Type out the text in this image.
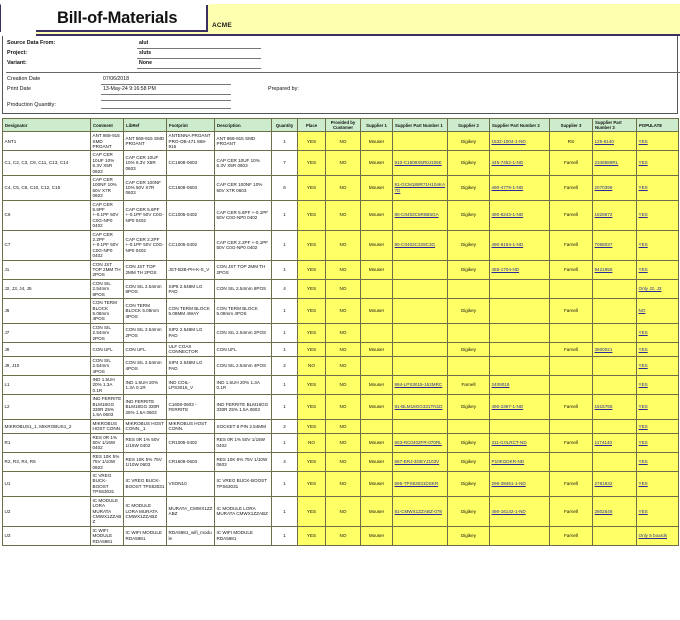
ACME
Bill-of-Materials
Source Data From:	alut
Project:	sluts
Variant:	None
Creation Date	07/06/2018
Print Date	13-May-24 9:16:58 PM	Prepared by:
Production Quantity:
Designator	Comment	LibRef	Footprint	Description	Quantity	Place	Provided by Customer	Supplier 1	Supplier Part Number 1	Supplier 2	Supplier Part Number 2	Supplier 3	Supplier Part Number 3	POPULATE
ANT1	ANT 868-915 SMD PROANT	ANT 868-915 SMD PROANT	ANTENNA PROANT PRO-OB-471 868-915	ANT 868-915 SMD PROANT	1	YES	NO	Mouser		Digikey	1532-1004-1-ND	RS	125-6140	YES
C1, C2, C3, C9, C11, C13, C14	CAP CER 10UF 10% 6.3V X5R 0603	CAP CER 10UF 10% 6.3V X5R 0603	CC1608-0603	CAP CER 10UF 10% 6.3V X5R 0603	7	YES	NO	Mouser	810-C1608X5R0J106K	Digikey	445-7452-1-ND	Farnell	2346889RL	YES
C4, C5, C8, C10, C12, C15	CAP CER 100NF 10% 50V X7R 0603	CAP CER 100NF 10% 50V X7R 0603	CC1608-0603	CAP CER 100NF 10% 50V X7R 0603	6	YES	NO	Mouser	81-GCM188R71H104KA7D	Digikey	490-4779-1-ND	Farnell	2070398	YES
C6	CAP CER 5.6PF +-0.1PF 50V C0G-NP0 0402	CAP CER 5.6PF +-0.1PF 50V C0G-NP0 0402	CC1005-0402	CAP CER 5.6PF +-0.1PF 50V C0G-NP0 0402	1	YES	NO	Mouser	80-C0402C5R6B5GA	Digikey	490-6243-1-ND	Farnell	1828872	YES
C7	CAP CER 2.2PF +-0.1PF 50V C0G-NP0 0402	CAP CER 2.2PF +-0.1PF 50V C0G-NP0 0402	CC1005-0402	CAP CER 2.2PF +-0.1PF 50V C0G-NP0 0402	1	YES	NO	Mouser	80-C0402C229C3G	Digikey	490-6194-1-ND	Farnell	7068037	YES
J1	CON JST TOP 2MM TH 2POS	CON JST TOP 2MM TH 2POS	JST-B2B-PH-K-S_V	CON JST TOP 2MM TH 2POS	1	YES	NO	Mouser		Digikey	455-1704-ND	Farnell	9421855	YES
J2, J3, J4, J5	CON SIL 2.54mm 8POS	CON SIL 2.54mm 8POS	SIP8 2.548M LG PAD	CON SIL 2.54mm 8POS	4	YES	NO							Only J2, J3
J6	CON TERM BLOCK 5.08mm 4POS	CON TERM BLOCK 5.08mm 4POS	CON TERM BLOCK 5.08MM 4WAY	CON TERM BLOCK 5.08mm 4POS	1	YES	NO	Mouser		Digikey		Farnell		NO
J7	CON SIL 2.54mm 2POS	CON SIL 2.54mm 2POS	SIP2 2.548M LG PAD	CON SIL 2.54mm 2POS	1	YES	NO							YES
J8	CON UFL	CON UFL	ULF COAX CONNECTOR	CON UFL	1	YES	NO	Mouser		Digikey		Farnell	3900021	YES
J9, J10	CON SIL 2.54mm 4POS	CON SIL 2.54mm 4POS	SIP4 2.548M LG PAD	CON SIL 2.54mm 4POS	2	NO	NO							YES
L1	IND 1.5UH 20% 1.3A 0.1R	IND 1.5UH 20% 1.3A 0.1R	IND COIL-LPS3015_V	IND 1.5UH 20% 1.3A 0.1R	1	YES	NO	Mouser	994-LPS3015-152MRC	Farnell	2409018			YES
L2	IND FERRITE BLM18GG 330R 25% 1.5A 0603	IND FERRITE BLM18GG 330R 25% 1.5A 0603	C1608-0603 - FERRITE	IND FERRITE BLM18GG 330R 25% 1.5A 0603	1	YES	NO	Mouser	81-BLM18GG331TN1D	Digikey	490-2397-1-ND	Farnell	1515755	YES
MIKROBUS1_1, MIKROBUS1_2	MIKROBUS HOST CONN.	MIKROBUS HOST CONN._1	MIKROBUS HOST CONN.	SOCKET 8 PIN 2.54MM	2	YES	NO							YES
R1	RES 0R 1% 50V 1/16W 0402	RES 0R 1% 50V 1/16W 0402	CR1005-0402	RES 0R 1% 50V 1/16W 0402	1	NO	NO	Mouser	603-RC0402FR-070RL	Digikey	311-0.0LRCT-ND	Farnell	1174140	YES
R2, R3, R4, R5	RES 10K 5% 75V 1/10W 0603	RES 10K 5% 75V 1/10W 0603	CR1608-0603	RES 10K 5% 75V 1/10W 0603	4	YES	NO	Mouser	667-ERJ-3GEYJ103V	Digikey	P10KGDKR-ND			YES
U1	IC VREG BUCK-BOOST TPS63031	IC VREG BUCK-BOOST TPS63031	VSON10	IC VREG BUCK-BOOST TPS63031	1	YES	NO	Mouser	595-TPS63031DSKR	Digikey	296-39461-1-ND	Farnell	2781832	YES
U2	IC MODULE LORA MURATA CMWX1ZZABZ	IC MODULE LORA MURATA CMWX1ZZABZ	MURATA_CMWX1ZZABZ	IC MODULE LORA MURATA CMWX1ZZABZ	1	YES	NO	Mouser	81-CMWX1ZZABZ-078	Digikey	490-16142-1-ND	Farnell	2802545	YES
U3	IC WIFI MODULE RDA5981	IC WIFI MODULE RDA5981	RDA5981_wifi_module	IC WIFI MODULE RDA5981	1	YES	NO	Mouser		Digikey		Farnell		Only 5 boards
